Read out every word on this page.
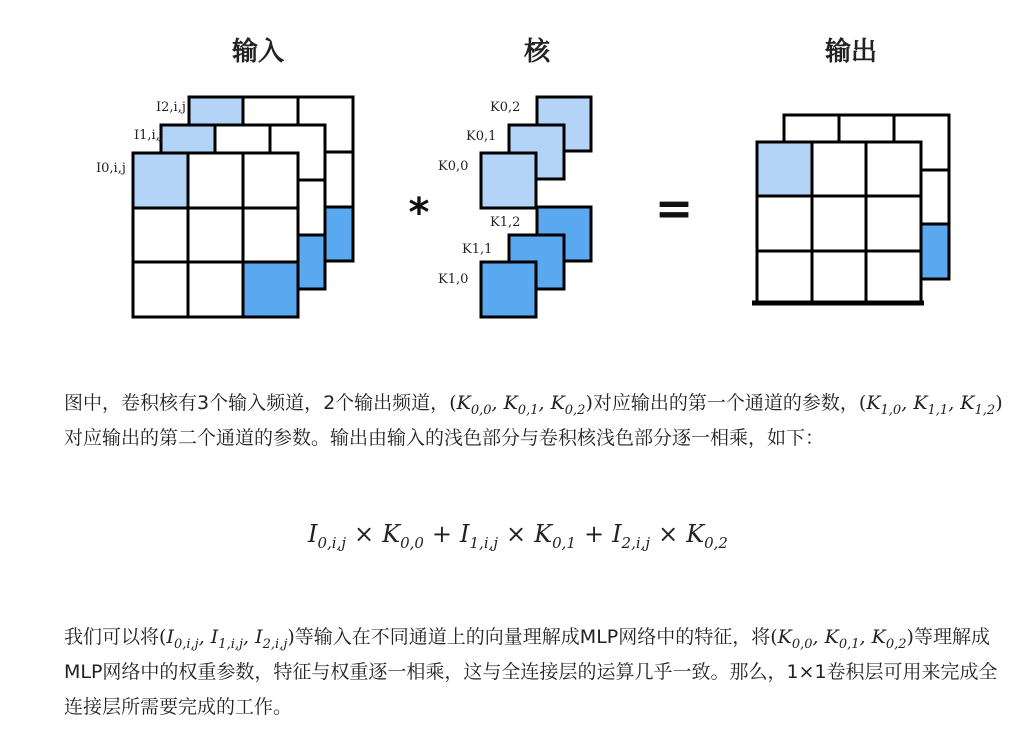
输入	核	输出
I0,i,j
I1,i,j
I2,i,j
*
K0,2
K0,1
K0,0
K1,2
K1,1
K1,0
=
图中，卷积核有3个输入频道，2个输出频道，($K_{0,0}$, $K_{0,1}$, $K_{0,2}$)对应输出的第一个通道的参数，($K_{1,0}$, $K_{1,1}$, $K_{1,2}$)对应输出的第二个通道的参数。输出由输入的浅色部分与卷积核浅色部分逐一相乘，如下：
$I_{0,i,j} \times K_{0,0} + I_{1,i,j} \times K_{0,1} + I_{2,i,j} \times K_{0,2}$
我们可以将($I_{0,i,j}$, $I_{1,i,j}$, $I_{2,i,j}$)等输入在不同通道上的向量理解成MLP网络中的特征，将($K_{0,0}$, $K_{0,1}$, $K_{0,2}$)等理解成MLP网络中的权重参数，特征与权重逐一相乘，这与全连接层的运算几乎一致。那么，1×1卷积层可用来完成全连接层所需要完成的工作。
